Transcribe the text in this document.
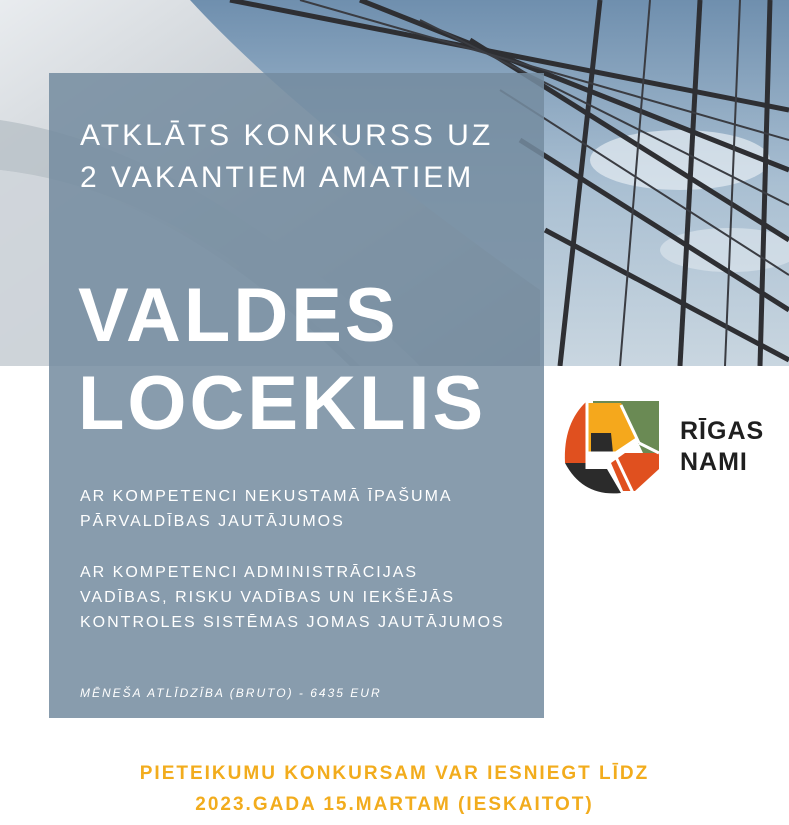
ATKLĀTS KONKURSS UZ
2 VAKANTIEM AMATIEM
VALDES
LOCEKLIS
AR KOMPETENCI NEKUSTAMĀ ĪPAŠUMA
PĀRVALDĪBAS JAUTĀJUMOS
AR KOMPETENCI ADMINISTRĀCIJAS
VADĪBAS, RISKU VADĪBAS UN IEKŠĒJĀS
KONTROLES SISTĒMAS JOMAS JAUTĀJUMOS
MĒNEŠA ATLĪDZĪBA (BRUTO) - 6435 EUR
RĪGAS
NAMI
PIETEIKUMU KONKURSAM VAR IESNIEGT LĪDZ
2023.GADA 15.MARTAM (IESKAITOT)
